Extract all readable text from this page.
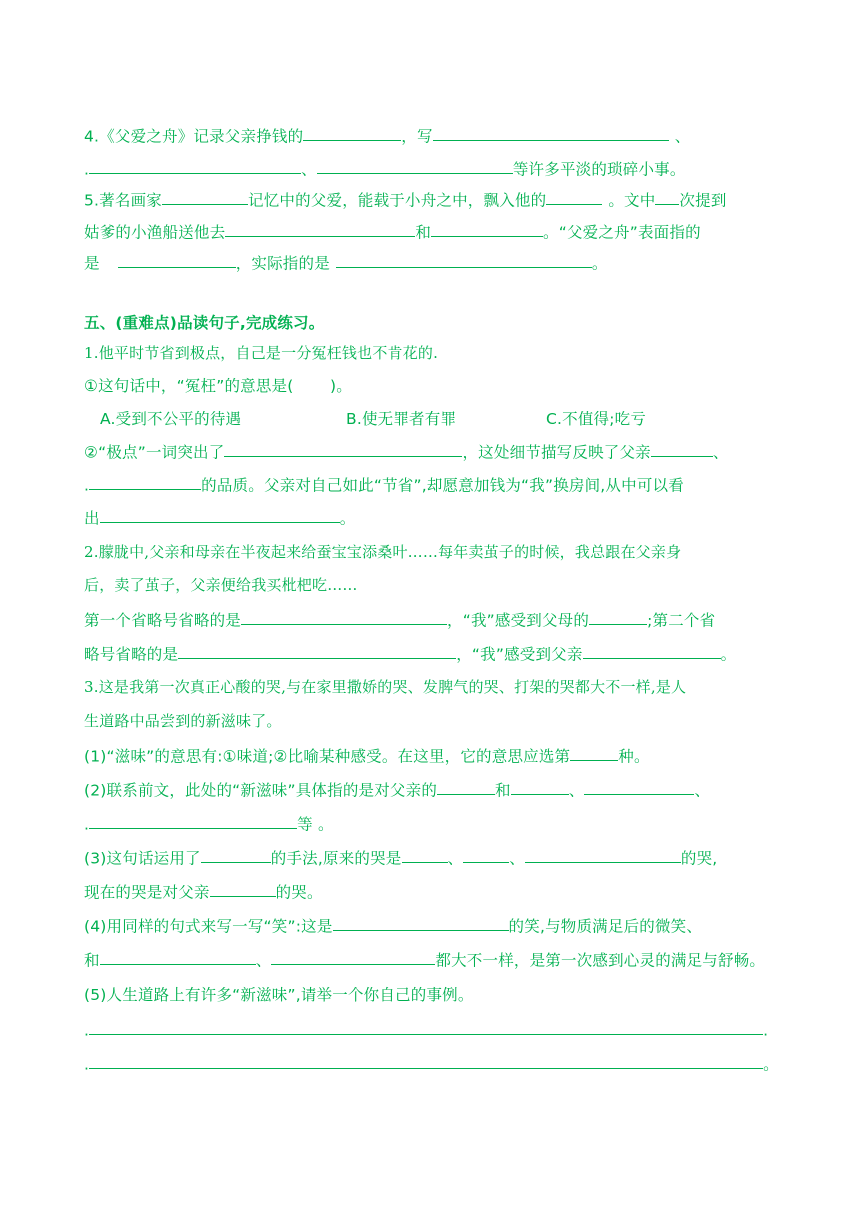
4.《父爱之舟》记录父亲挣钱的	，写	、
.	、	等许多平淡的琐碎小事。
5.著名画家	记忆中的父爱，能载于小舟之中，飘入他的	。文中 次提到
姑爹的小渔船送他去	和	。“父爱之舟”表面指的
是	，实际指的是	。
五、(重难点)品读句子,完成练习。
1.他平时节省到极点，自己是一分冤枉钱也不肯花的.
①这句话中，“冤枉”的意思是(　　 )。
A.受到不公平的待遇	B.使无罪者有罪	C.不值得;吃亏
②“极点”一词突出了	，这处细节描写反映了父亲	、
.	的品质。父亲对自己如此“节省”,却愿意加钱为“我”换房间,从中可以看
出	。
2.朦胧中,父亲和母亲在半夜起来给蚕宝宝添桑叶……每年卖茧子的时候，我总跟在父亲身
后，卖了茧子，父亲便给我买枇杷吃……
第一个省略号省略的是	，“我”感受到父母的	;第二个省
略号省略的是	，“我”感受到父亲	。
3.这是我第一次真正心酸的哭,与在家里撒娇的哭、发脾气的哭、打架的哭都大不一样,是人
生道路中品尝到的新滋味了。
(1)“滋味”的意思有:①味道;②比喻某种感受。在这里，它的意思应选第	种。
(2)联系前文，此处的“新滋味”具体指的是对父亲的	和	、	、
.	等 。
(3)这句话运用了	的手法,原来的哭是	、	、	的哭,
现在的哭是对父亲	的哭。
(4)用同样的句式来写一写“笑”:这是	的笑,与物质满足后的微笑、
和	、	都大不一样，是第一次感到心灵的满足与舒畅。
(5)人生道路上有许多“新滋味”,请举一个你自己的事例。
.	.
.	。
